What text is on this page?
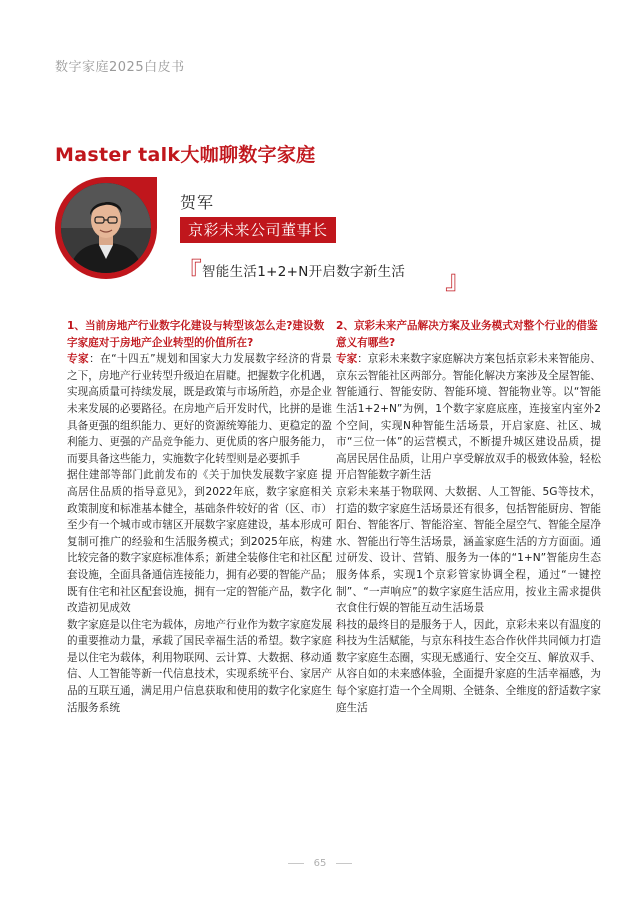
数字家庭2025白皮书
Master talk大咖聊数字家庭
贺军
京彩未来公司董事长
『 智能生活1+2+N开启数字新生活 』

1、当前房地产行业数字化建设与转型该怎么走?建设数字家庭对于房地产企业转型的价值所在?

专家：在“十四五”规划和国家大力发展数字经济的背景之下，房地产行业转型升级迫在眉睫。把握数字化机遇，实现高质量可持续发展，既是政策与市场所趋，亦是企业未来发展的必要路径。在房地产后开发时代，比拼的是谁具备更强的组织能力、更好的资源统筹能力、更稳定的盈利能力、更强的产品竞争能力、更优质的客户服务能力，而要具备这些能力，实施数字化转型则是必要抓手

据住建部等部门此前发布的《关于加快发展数字家庭 提高居住品质的指导意见》，到2022年底，数字家庭相关政策制度和标准基本健全，基础条件较好的省（区、市）至少有一个城市或市辖区开展数字家庭建设，基本形成可复制可推广的经验和生活服务模式；到2025年底，构建比较完备的数字家庭标准体系；新建全装修住宅和社区配套设施，全面具备通信连接能力，拥有必要的智能产品；既有住宅和社区配套设施，拥有一定的智能产品，数字化改造初见成效

数字家庭是以住宅为载体，房地产行业作为数字家庭发展的重要推动力量，承载了国民幸福生活的希望。数字家庭是以住宅为载体，利用物联网、云计算、大数据、移动通信、人工智能等新一代信息技术，实现系统平台、家居产品的互联互通，满足用户信息获取和使用的数字化家庭生活服务系统

2、京彩未来产品解决方案及业务模式对整个行业的借鉴意义有哪些?

专家：京彩未来数字家庭解决方案包括京彩未来智能房、京东云智能社区两部分。智能化解决方案涉及全屋智能、智能通行、智能安防、智能环境、智能物业等。以“智能生活1+2+N”为例，1个数字家庭底座，连接室内室外2个空间，实现N种智能生活场景，开启家庭、社区、城市“三位一体”的运营模式，不断提升城区建设品质，提高居民居住品质，让用户享受解放双手的极致体验，轻松开启智能数字新生活

京彩未来基于物联网、大数据、人工智能、5G等技术，打造的数字家庭生活场景还有很多，包括智能厨房、智能阳台、智能客厅、智能浴室、智能全屋空气、智能全屋净水、智能出行等生活场景，涵盖家庭生活的方方面面。通过研发、设计、营销、服务为一体的“1+N”智能房生态服务体系，实现1个京彩管家协调全程，通过“一键控制”、“一声响应”的数字家庭生活应用，按业主需求提供衣食住行娱的智能互动生活场景

科技的最终目的是服务于人，因此，京彩未来以有温度的科技为生活赋能，与京东科技生态合作伙伴共同倾力打造数字家庭生态圈，实现无感通行、安全交互、解放双手、从容自如的未来感体验，全面提升家庭的生活幸福感，为每个家庭打造一个全周期、全链条、全维度的舒适数字家庭生活

65
